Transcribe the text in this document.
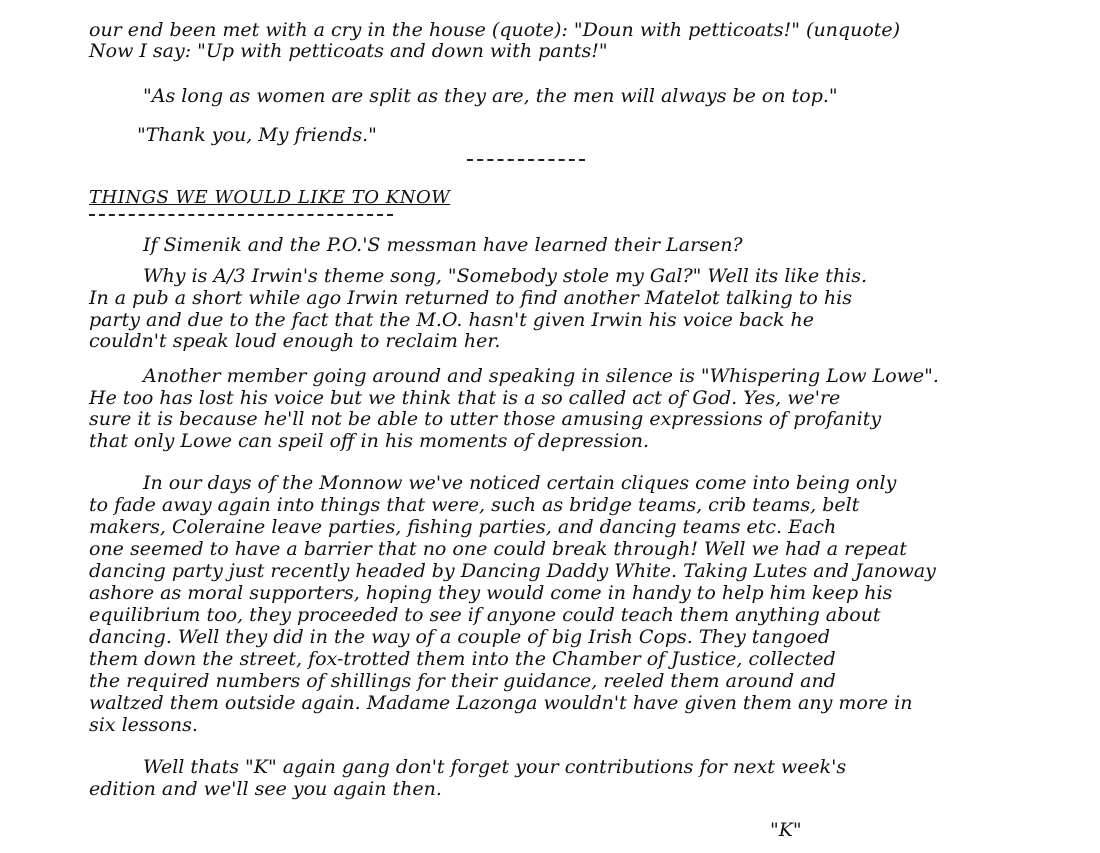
our end been met with a cry in the house (quote): "Doun with petticoats!" (unquote)
Now I say: "Up with petticoats and down with pants!"
"As long as women are split as they are, the men will always be on top."
"Thank you, My friends."
THINGS WE WOULD LIKE TO KNOW
If Simenik and the P.O.'S messman have learned their Larsen?
Why is A/3 Irwin's theme song, "Somebody stole my Gal?" Well its like this.
In a pub a short while ago Irwin returned to find another Matelot talking to his
party and due to the fact that the M.O. hasn't given Irwin his voice back he
couldn't speak loud enough to reclaim her.
Another member going around and speaking in silence is "Whispering Low Lowe".
He too has lost his voice but we think that is a so called act of God. Yes, we're
sure it is because he'll not be able to utter those amusing expressions of profanity
that only Lowe can speil off in his moments of depression.
In our days of the Monnow we've noticed certain cliques come into being only
to fade away again into things that were, such as bridge teams, crib teams, belt
makers, Coleraine leave parties, fishing parties, and dancing teams etc. Each
one seemed to have a barrier that no one could break through! Well we had a repeat
dancing party just recently headed by Dancing Daddy White. Taking Lutes and Janoway
ashore as moral supporters, hoping they would come in handy to help him keep his
equilibrium too, they proceeded to see if anyone could teach them anything about
dancing. Well they did in the way of a couple of big Irish Cops. They tangoed
them down the street, fox-trotted them into the Chamber of Justice, collected
the required numbers of shillings for their guidance, reeled them around and
waltzed them outside again. Madame Lazonga wouldn't have given them any more in
six lessons.
Well thats "K" again gang don't forget your contributions for next week's
edition and we'll see you again then.
"K"
